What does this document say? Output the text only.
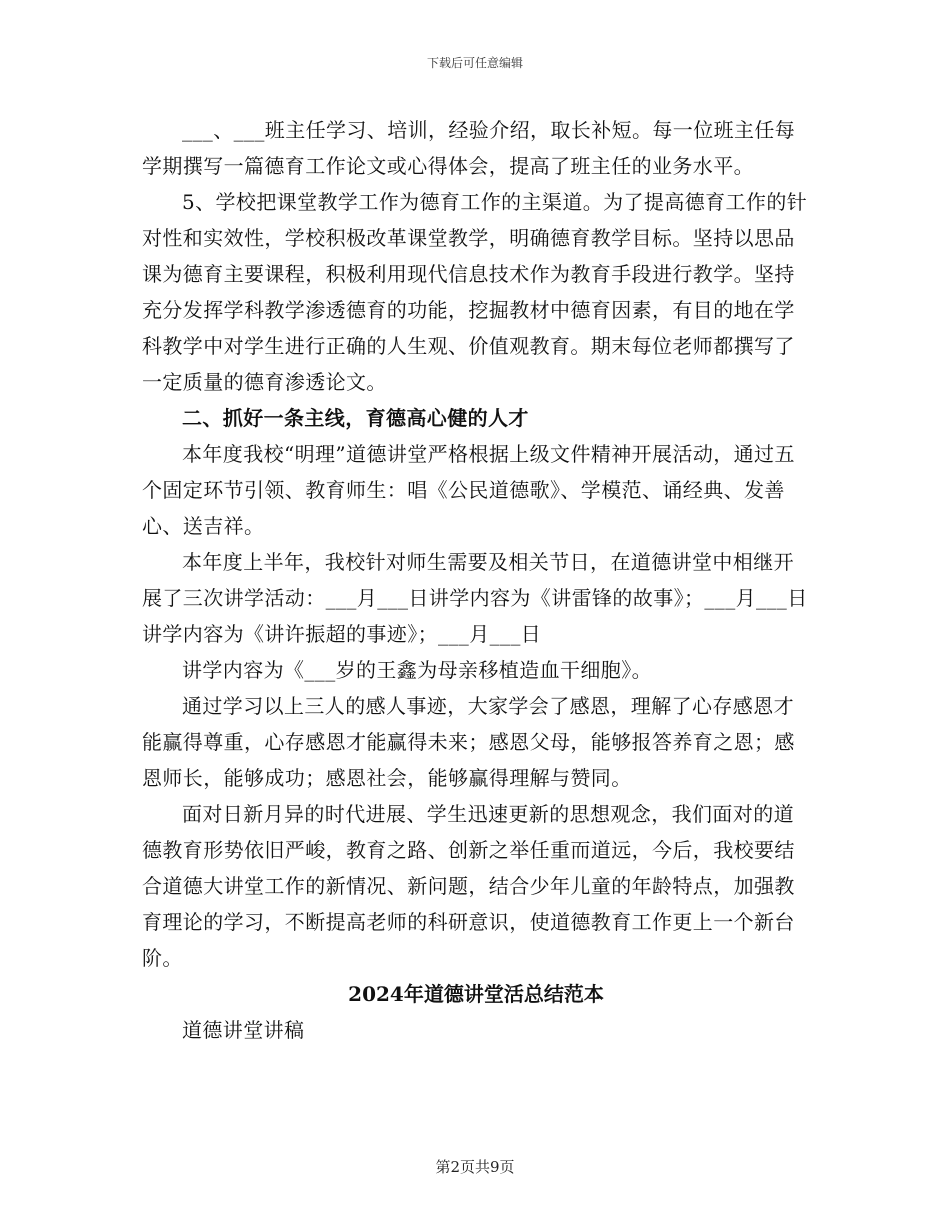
下载后可任意编辑

___、___班主任学习、培训，经验介绍，取长补短。每一位班主任每学期撰写一篇德育工作论文或心得体会，提高了班主任的业务水平。

5、学校把课堂教学工作为德育工作的主渠道。为了提高德育工作的针对性和实效性，学校积极改革课堂教学，明确德育教学目标。坚持以思品课为德育主要课程，积极利用现代信息技术作为教育手段进行教学。坚持充分发挥学科教学渗透德育的功能，挖掘教材中德育因素，有目的地在学科教学中对学生进行正确的人生观、价值观教育。期末每位老师都撰写了一定质量的德育渗透论文。

二、抓好一条主线，育德高心健的人才

本年度我校“明理”道德讲堂严格根据上级文件精神开展活动，通过五个固定环节引领、教育师生：唱《公民道德歌》、学模范、诵经典、发善心、送吉祥。

本年度上半年，我校针对师生需要及相关节日，在道德讲堂中相继开展了三次讲学活动：___月___日讲学内容为《讲雷锋的故事》；___月___日讲学内容为《讲许振超的事迹》；___月___日

讲学内容为《___岁的王鑫为母亲移植造血干细胞》。

通过学习以上三人的感人事迹，大家学会了感恩，理解了心存感恩才能赢得尊重，心存感恩才能赢得未来；感恩父母，能够报答养育之恩；感恩师长，能够成功；感恩社会，能够赢得理解与赞同。

面对日新月异的时代进展、学生迅速更新的思想观念，我们面对的道德教育形势依旧严峻，教育之路、创新之举任重而道远，今后，我校要结合道德大讲堂工作的新情况、新问题，结合少年儿童的年龄特点，加强教育理论的学习，不断提高老师的科研意识，使道德教育工作更上一个新台阶。

2024年道德讲堂活总结范本

道德讲堂讲稿

第2页共9页
